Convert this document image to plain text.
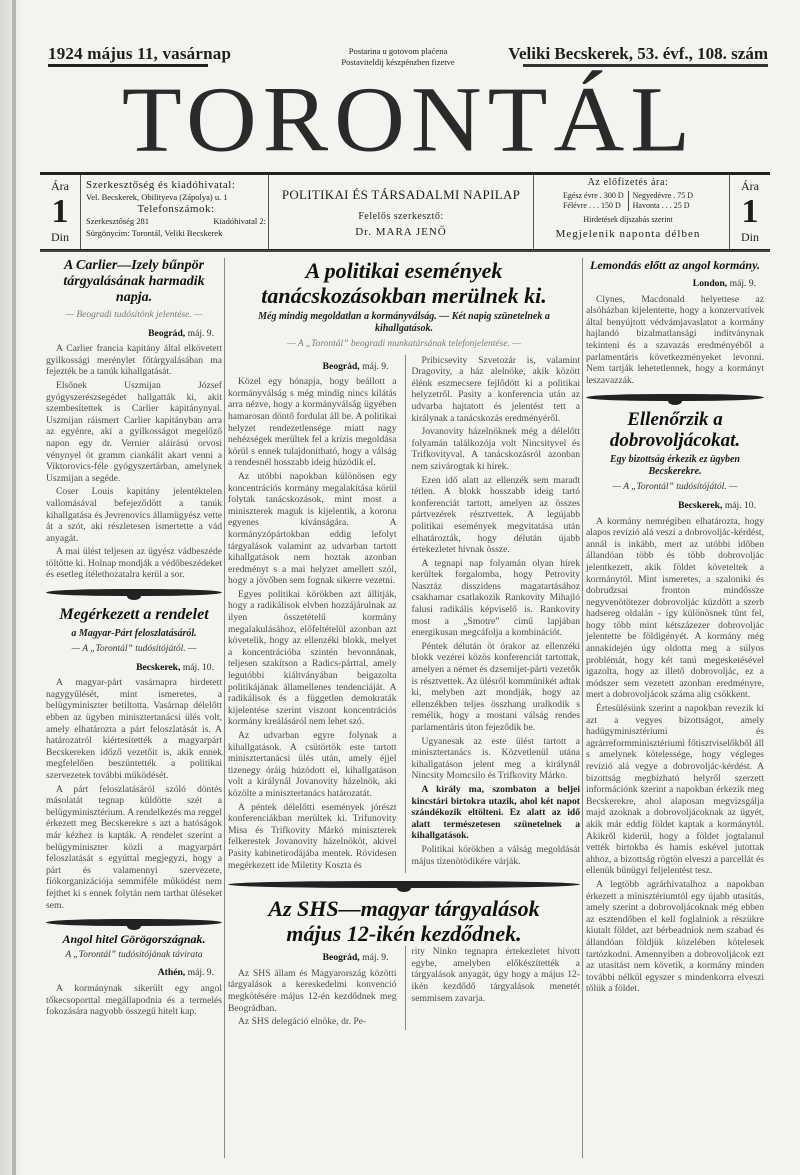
1924 május 11, vasárnap	Postarina u gotovom plaćena
Postaviteldij készpénzben fizetve	Veliki Becskerek, 53. évf., 108. szám
TORONTÁL
Ára
1
Din
Szerkesztőség és kiadóhivatal:
Vel. Becskerek, Obilityeva (Zápolya) u. 1
Telefonszámok:
Szerkesztőség 281	Kiadóhivatal 2:
Sürgönycím: Torontál, Veliki Becskerek
POLITIKAI ÉS TÁRSADALMI NAPILAP
Felelős szerkesztő:
Dr. MARA JENŐ
Az előfizetés ára:
Egész évre . 300 D
Félévre . . . 150 D
Negyedévre . 75 D
Havonta . . . 25 D
Hirdetések díjszabás szerint
Megjelenik naponta délben
Ára
1
Din
A Carlier—Izely bűnpör tárgyalásának harmadik napja.
— Beogradi tudósítónk jelentése. —
Beográd, máj. 9.

A Carlier francia kapitány által elkövetett gyilkossági merénylet főtárgyalásában ma fejezték be a tanúk kihallgatását.

Elsőnek Uszmijan József gyógyszerészsegédet hallgatták ki, akit szembesítettek is Carlier kapitánynyal. Uszmijan ráismert Carlier kapitányban arra az egyénre, aki a gyilkosságot megelőző napon egy dr. Vernier aláírású orvosi vénynyel öt gramm ciankálit akart venni a Viktorovics-féle gyógyszertárban, amelynek Uszmijan a segéde.

Coser Louis kapitány jelentéktelen vallomásával befejeződött a tanúk kihallgatása és Jevrenovics államügyész vette át a szót, aki részletesen ismertette a vád anyagát.

A mai ülést teljesen az ügyész vádbeszéde töltötte ki. Holnap mondják a védőbeszédeket és esetleg ítélethozatalra kerül a sor.

Megérkezett a rendelet
a Magyar-Párt feloszlatásáról.
— A „Torontál” tudósítójától. —
Becskerek, máj. 10.

A magyar-párt vasárnapra hirdetett nagygyűlését, mint ismeretes, a belügyminiszter betiltotta. Vasárnap délelőtt ebben az ügyben minisztertanácsi ülés volt, amely elhatározta a párt feloszlatását is. A határozatról kiértesítették a magyarpárt Becskereken időző vezetőit is, akik ennek megfelelően beszüntették a politikai szervezetek további működését.

A párt feloszlatásáról szóló döntés másolatát tegnap küldötte szét a belügyminisztérium. A rendelkezés ma reggel érkezett meg Becskerekre s azt a hatóságok már kézhez is kapták. A rendelet szerint a belügyminiszter közli a magyarpárt feloszlatását s egyúttal megjegyzi, hogy a párt és valamennyi szervezete, fiókorganizációja semmiféle működést nem fejthet ki s ennek folytán nem tarthat üléseket sem.

Angol hitel Görögországnak.
A „Torontál” tudósítójának távirata
Athén, máj. 9.

A kormánynak sikerült egy angol tőkecsoporttal megállapodnia és a termelés fokozására nagyobb összegű hitelt kap.

A politikai események
tanácskozásokban merülnek ki.
Még mindig megoldatlan a kormányválság. — Két napig szünetelnek a kihallgatások.
— A „Torontál” beogradi munkatársának telefonjelentése. —
Beográd, máj. 9.

Közel egy hónapja, hogy beállott a kormányválság s még mindig nincs kilátás arra nézve, hogy a kormányválság ügyében hamarosan döntő fordulat áll be. A politikai helyzet rendezetlensége miatt nagy nehézségek merültek fel a krízis megoldása körül s ennek tulajdonítható, hogy a válság a rendesnél hosszabb ideig húzódik el.

Az utóbbi napokban különösen egy koncentrációs kormány megalakítása körül folytak tanácskozások, mint most a miniszterek maguk is kijelentik, a korona egyenes kívánságára. A kormányzópártokban eddig lefolyt tárgyalások valamint az udvarban tartott kihallgatások nem hoztak azonban eredményt s a mai helyzet amellett szól, hogy a jövőben sem fognak sikerre vezetni.

Egyes politikai körökben azt állítják, hogy a radikálisok elvben hozzájárulnak az ilyen összetételű kormány megalakulásához, előfeltételül azonban azt követelik, hogy az ellenzéki blokk, melyet a koncentrációba szintén bevonnának, teljesen szakítson a Radics-párttal, amely legutóbbi kiáltványában beigazolta politikájának államellenes tendenciáját. A radikálisok és a független demokraták kijelentése szerint viszont koncentrációs kormány kreálásáról nem lehet szó.

Az udvarban egyre folynak a kihallgatások. A csütörtök este tartott minisztertanácsi ülés után, amely éjjel tizenegy óráig húzódott el, kihallgatáson volt a királynál Jovanovity házelnök, aki közölte a minisztertanács határozatát.

A péntek délelőtti események jórészt konferenciákban merültek ki. Trifunovity Misa és Trifkovity Márkó miniszterek felkerestek Jovanovity házelnököt, akivel Pasity kabinetirodájába mentek. Rövidesen megérkezett ide Miletity Kosztа és

Pribicsevity Szvetozár is, valamint Dragovity, a ház alelnöke, akik között élénk eszmecsere fejlődött ki a politikai helyzetről. Pasity a konferencia után az udvarba hajtatott és jelentést tett a királynak a tanácskozás eredményéről.

Jovanovity házelnöknek még a délelőtt folyamán találkozója volt Nincsityvel és Trifkovityval. A tanácskozásról azonban nem szivárogtak ki hírek.

Ezen idő alatt az ellenzék sem maradt tétlen. A blokk hosszabb ideig tartó konferenciát tartott, amelyen az összes pártvezérek résztvettek. A legújabb politikai események megvitatása után elhatározták, hogy délután újabb értekezletet hívnak össze.

A tegnapi nap folyamán olyan hírek kerültek forgalomba, hogy Petrovity Nasztáz disszidens magatartásához csakhamar csatlakozik Rankovity Mihajló falusi radikális képviselő is. Rankovity most a „Smotre” című lapjában energikusan megcáfolja a kombinációt.

Péntek délután öt órakor az ellenzéki blokk vezérei közös konferenciát tartottak, amelyen a német és dzsemijet-párti vezetők is résztvettek. Az ülésről kommünikét adtak ki, melyben azt mondják, hogy az ellenzékben teljes összhang uralkodik s remélik, hogy a mostani válság rendes parlamentáris úton fejeződik be.

Ugyanesak az este ülést tartott a minisztertanács is. Közvetlenül utána kihallgatáson jelent meg a királynál Nincsity Momcsilo és Trifkovity Márko.

A király ma, szombaton a beljei kincstári birtokra utazik, ahol két napot szándékozik eltölteni. Ez alatt az idő alatt természetesen szünetelnek a kihallgatások.

Politikai körökben a válság megoldását május tizenötödikére várják.

Az SHS—magyar tárgyalások
május 12-ikén kezdődnek.
Beográd, máj. 9.

Az SHS állam és Magyarország közötti tárgyalások a kereskedelmi konvenció megkötésére május 12-én kezdődnek meg Beográdban.

Az SHS delegáció elnöke, dr. Pe-

rity Ninko tegnapra értekezletet hívott egybe, amelyben előkészítették a tárgyalások anyagát, úgy hogy a május 12-ikén kezdődő tárgyalások menetét semmisem zavarja.

Lemondás előtt az angol kormány.
London, máj. 9.

Clynes, Macdonald helyettese az alsóházban kijelentette, hogy a konzervatívek által benyújtott védvámjavaslatot a kormány hajlandó bizalmatlansági indítványnak tekinteni és a szavazás eredményéből a parlamentáris következményeket levonni. Nem tartják lehetetlennek, hogy a kormányt leszavazzák.

Ellenőrzik a dobrovoljácokat.
Egy bizottság érkezik ez ügyben Becskerekre.
— A „Torontál” tudósítójától. —
Becskerek, máj. 10.

A kormány nemrégiben elhatározta, hogy alapos revízió alá veszi a dobrovoljác-kérdést, annál is inkább, mert az utóbbi időben állandóan több és több dobrovoljác jelentkezett, akik földet követeltek a kormánytól. Mint ismeretes, a szaloniki és dobrudzsai fronton mindössze negyvenötötezer dobrovoljác küzdött a szerb hadsereg oldalán - így különösnek tűnt fel, hogy több mint kétszázezer dobrovoljác jelentette be földigényét. A kormány még annakidején úgy oldotta meg a súlyos problémát, hogy két tanú megesketésével igazolta, hogy az illető dobrovoljác, ez a módszer sem vezetett azonban eredményre, mert a dobrovoljácok száma alig csökkent.

Értesülésünk szerint a napokban revezik ki azt a vegyes bizottságot, amely hadügyminisztériumi és agrárreformminisztériumi főtisztviselőkből áll s amelynek kötelessége, hogy végleges revízió alá vegye a dobrovoljác-kérdést. A bizottság megbízható helyről szerzett információnk szerint a napokban érkezik meg Becskerekre, ahol alaposan megvizsgálja majd azoknak a dobrovoljácoknak az ügyét, akik már eddig földet kaptak a kormánytól. Akikről kiderül, hogy a földet jogtalanul vették birtokba és hamis eskével jutottak ahhoz, a bizottság rögtön elveszi a parcellát és ellenük bűnügyi feljelentést tesz.

A legtöbb agrárhivatalhoz a napokban érkezett a minisztériumtól egy újabb utasítás, amely szerint a dobrovoljácoknak még ebben az esztendőben el kell foglalniok a részükre kiutalt földet, azt bérbeadniok nem szabad és állandóan földjük közelében kötelesek tartózkodni. Amennyiben a dobrovoljácok ezt az utasítást nem követik, a kormány minden további nélkül egyszer s mindenkorra elveszi tőlük a földet.
